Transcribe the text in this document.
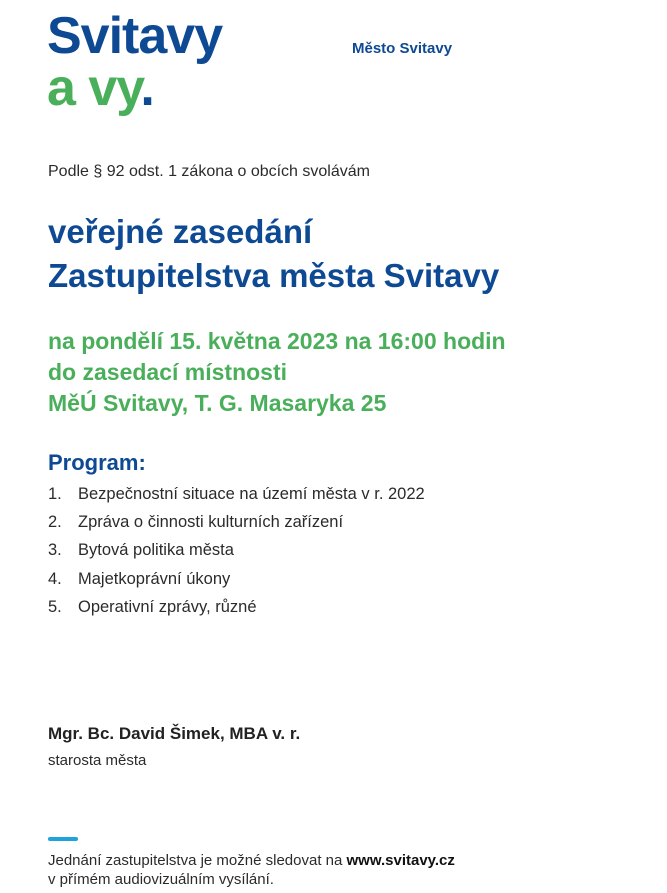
Svitavy
a vy.
Město Svitavy
Podle § 92 odst. 1 zákona o obcích svolávám
veřejné zasedání
Zastupitelstva města Svitavy
na pondělí 15. května 2023 na 16:00 hodin
do zasedací místnosti
MěÚ Svitavy, T. G. Masaryka 25
Program:
1. Bezpečnostní situace na území města v r. 2022
2. Zpráva o činnosti kulturních zařízení
3. Bytová politika města
4. Majetkoprávní úkony
5. Operativní zprávy, různé
Mgr. Bc. David Šimek, MBA v. r.
starosta města
Jednání zastupitelstva je možné sledovat na www.svitavy.cz
v přímém audiovizuálním vysílání.
